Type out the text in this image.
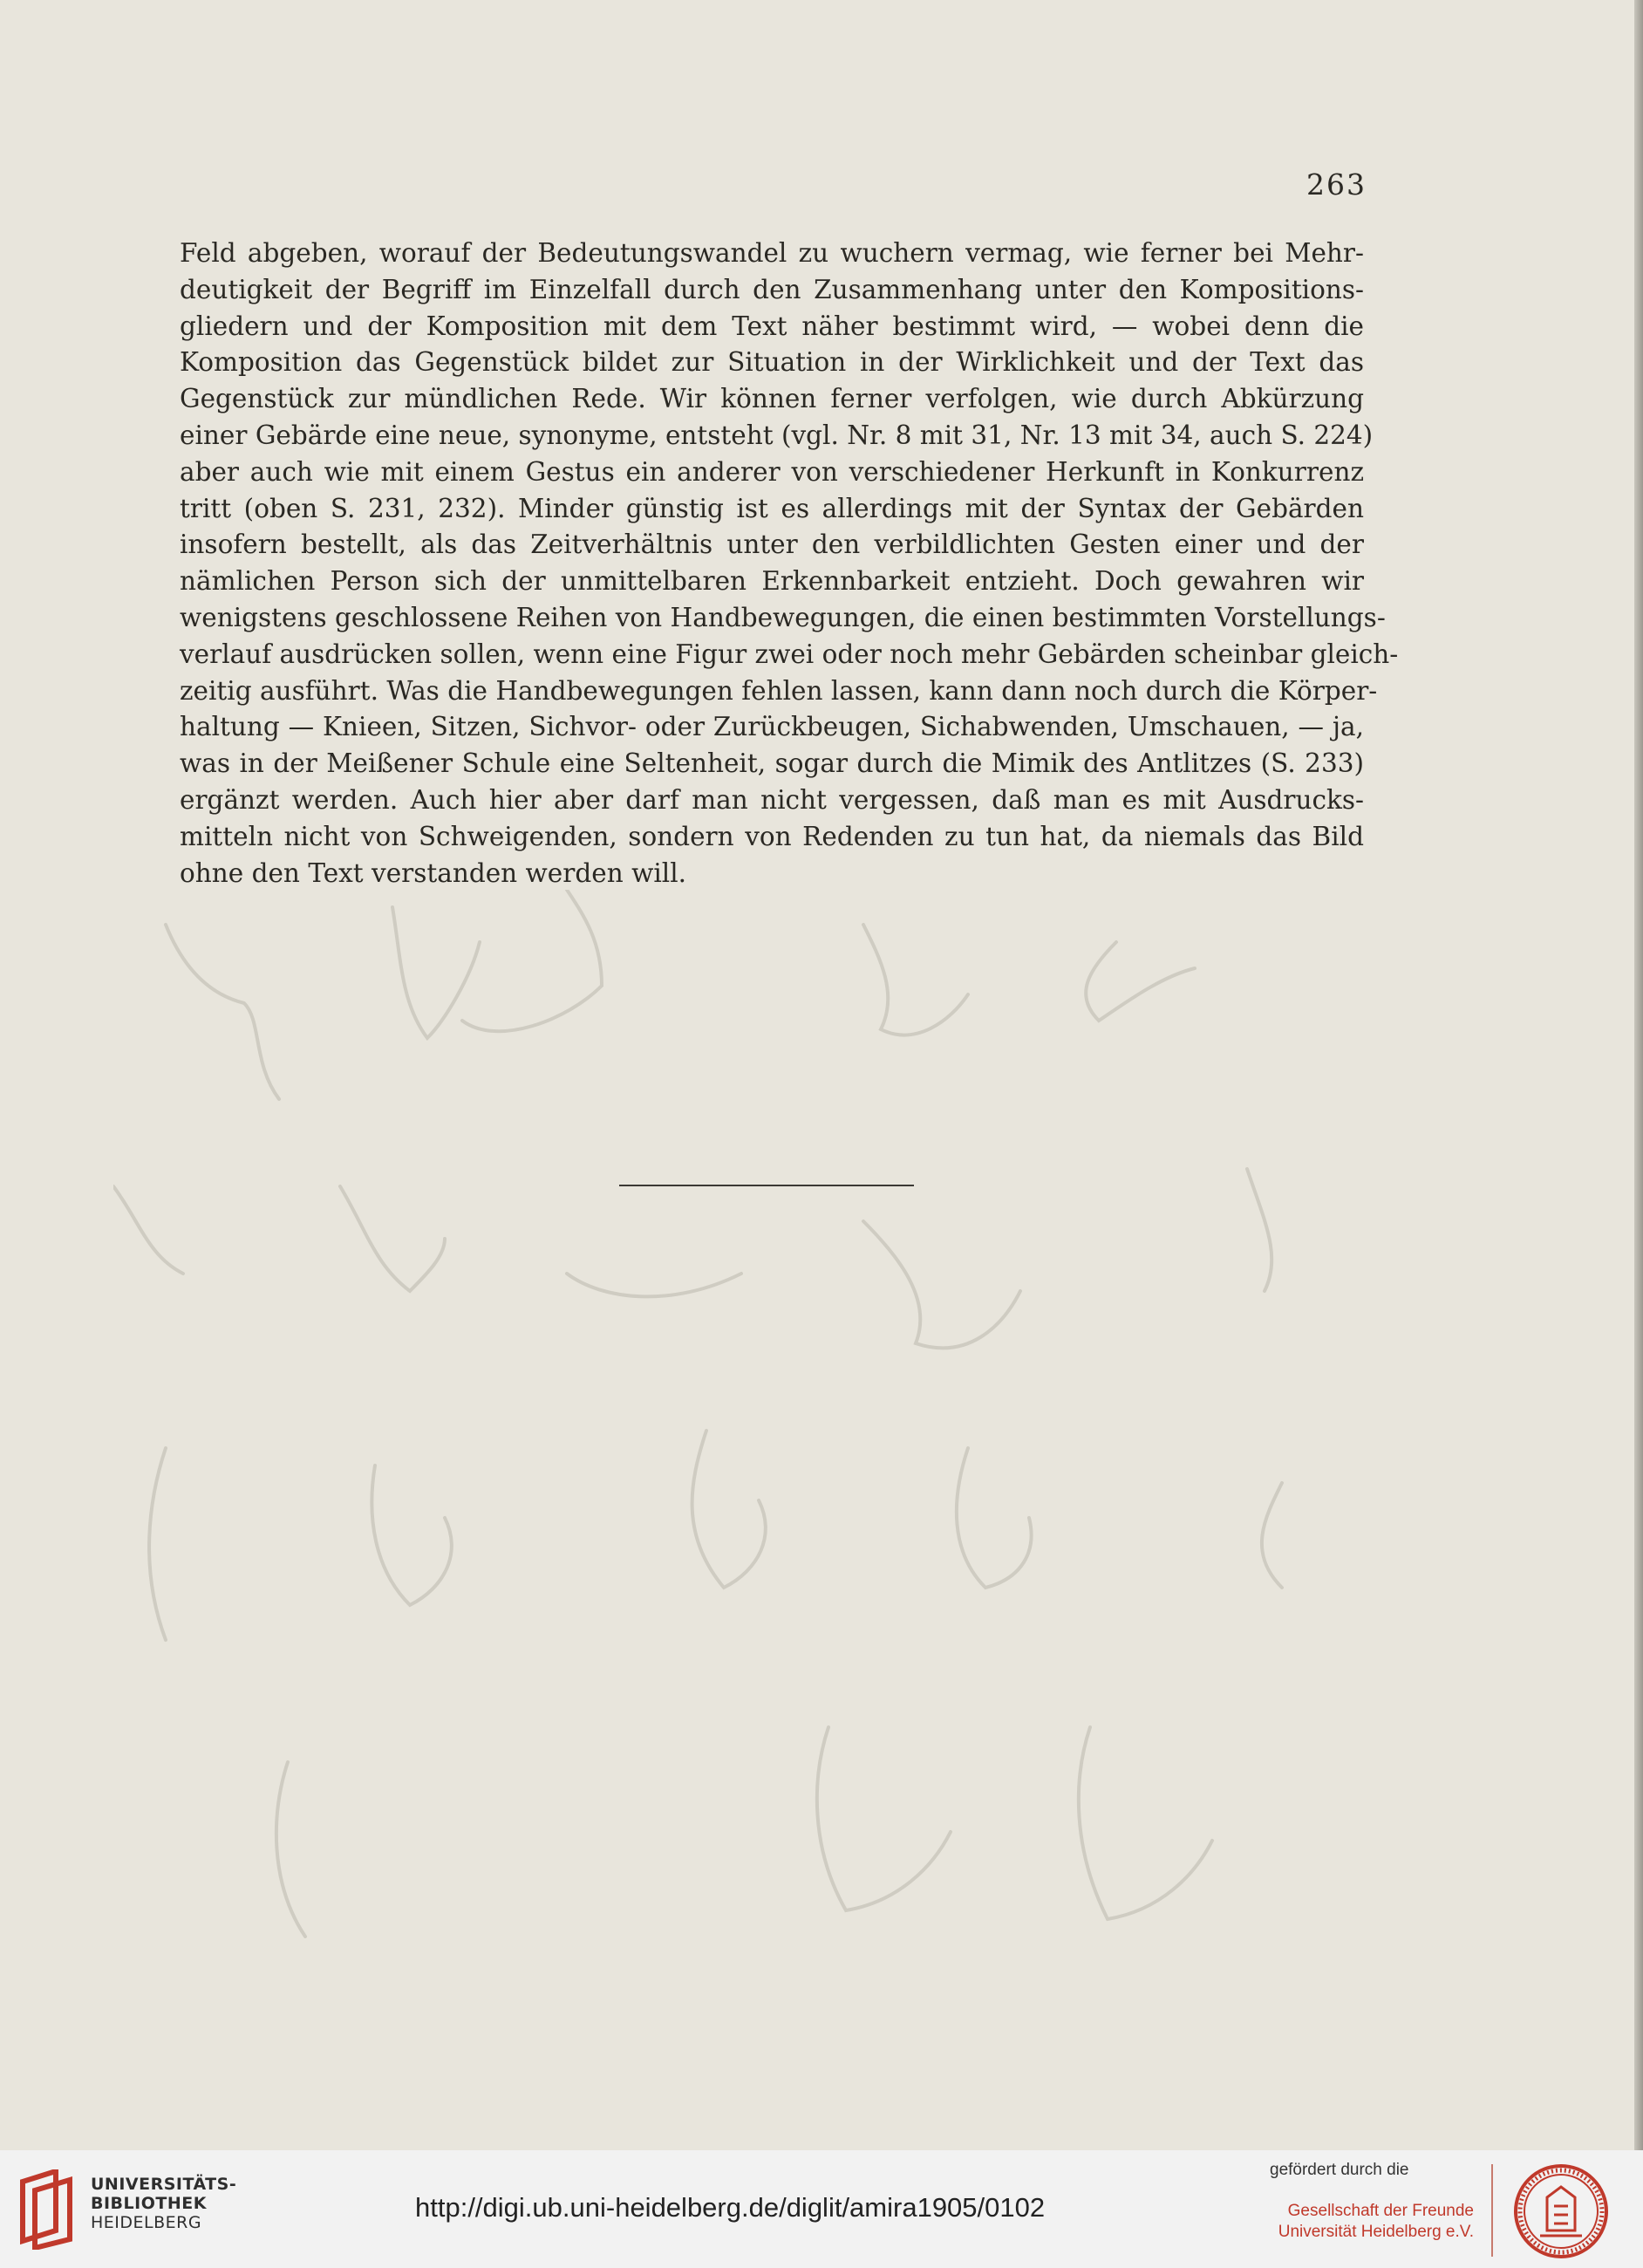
263
Feld abgeben, worauf der Bedeutungswandel zu wuchern vermag, wie ferner bei Mehr-
deutigkeit der Begriff im Einzelfall durch den Zusammenhang unter den Kompositions-
gliedern und der Komposition mit dem Text näher bestimmt wird, — wobei denn die
Komposition das Gegenstück bildet zur Situation in der Wirklichkeit und der Text das
Gegenstück zur mündlichen Rede. Wir können ferner verfolgen, wie durch Abkürzung
einer Gebärde eine neue, synonyme, entsteht (vgl. Nr. 8 mit 31, Nr. 13 mit 34, auch S. 224)
aber auch wie mit einem Gestus ein anderer von verschiedener Herkunft in Konkurrenz
tritt (oben S. 231, 232). Minder günstig ist es allerdings mit der Syntax der Gebärden
insofern bestellt, als das Zeitverhältnis unter den verbildlichten Gesten einer und der
nämlichen Person sich der unmittelbaren Erkennbarkeit entzieht. Doch gewahren wir
wenigstens geschlossene Reihen von Handbewegungen, die einen bestimmten Vorstellungs-
verlauf ausdrücken sollen, wenn eine Figur zwei oder noch mehr Gebärden scheinbar gleich-
zeitig ausführt. Was die Handbewegungen fehlen lassen, kann dann noch durch die Körper-
haltung — Knieen, Sitzen, Sichvor- oder Zurückbeugen, Sichabwenden, Umschauen, — ja,
was in der Meißener Schule eine Seltenheit, sogar durch die Mimik des Antlitzes (S. 233)
ergänzt werden. Auch hier aber darf man nicht vergessen, daß man es mit Ausdrucks-
mitteln nicht von Schweigenden, sondern von Redenden zu tun hat, da niemals das Bild
ohne den Text verstanden werden will.
UNIVERSITÄTS-
BIBLIOTHEK
HEIDELBERG	http://digi.ub.uni-heidelberg.de/diglit/amira1905/0102
gefördert durch die
Gesellschaft der Freunde
Universität Heidelberg e.V.
